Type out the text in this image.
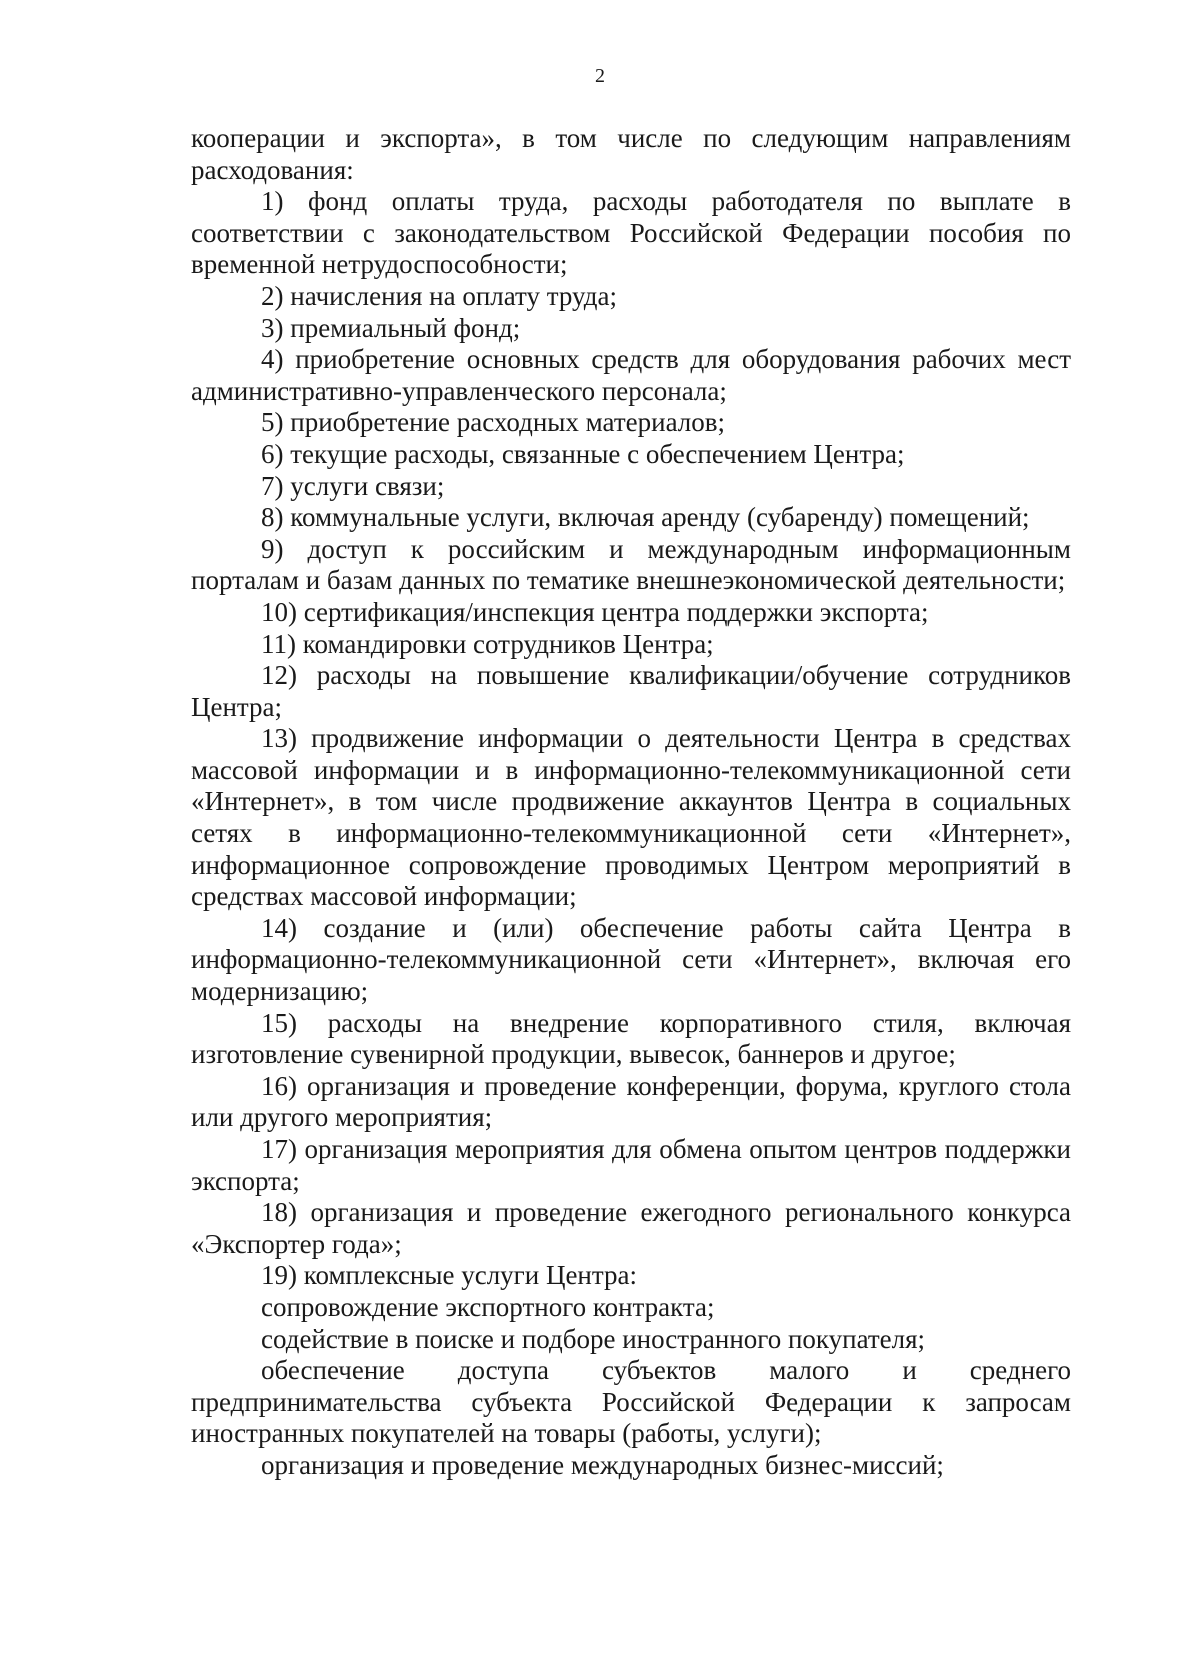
2

кооперации и экспорта», в том числе по следующим направлениям расходования:

1) фонд оплаты труда, расходы работодателя по выплате в соответствии с законодательством Российской Федерации пособия по временной нетрудоспособности;

2) начисления на оплату труда;

3) премиальный фонд;

4) приобретение основных средств для оборудования рабочих мест административно-управленческого персонала;

5) приобретение расходных материалов;

6) текущие расходы, связанные с обеспечением Центра;

7) услуги связи;

8) коммунальные услуги, включая аренду (субаренду) помещений;

9) доступ к российским и международным информационным порталам и базам данных по тематике внешнеэкономической деятельности;

10) сертификация/инспекция центра поддержки экспорта;

11) командировки сотрудников Центра;

12) расходы на повышение квалификации/обучение сотрудников Центра;

13) продвижение информации о деятельности Центра в средствах массовой информации и в информационно-телекоммуникационной сети «Интернет», в том числе продвижение аккаунтов Центра в социальных сетях в информационно-телекоммуникационной сети «Интернет», информационное сопровождение проводимых Центром мероприятий в средствах массовой информации;

14) создание и (или) обеспечение работы сайта Центра в информационно-телекоммуникационной сети «Интернет», включая его модернизацию;

15) расходы на внедрение корпоративного стиля, включая изготовление сувенирной продукции, вывесок, баннеров и другое;

16) организация и проведение конференции, форума, круглого стола или другого мероприятия;

17) организация мероприятия для обмена опытом центров поддержки экспорта;

18) организация и проведение ежегодного регионального конкурса «Экспортер года»;

19) комплексные услуги Центра:

сопровождение экспортного контракта;

содействие в поиске и подборе иностранного покупателя;

обеспечение доступа субъектов малого и среднего предпринимательства субъекта Российской Федерации к запросам иностранных покупателей на товары (работы, услуги);

организация и проведение международных бизнес-миссий;
